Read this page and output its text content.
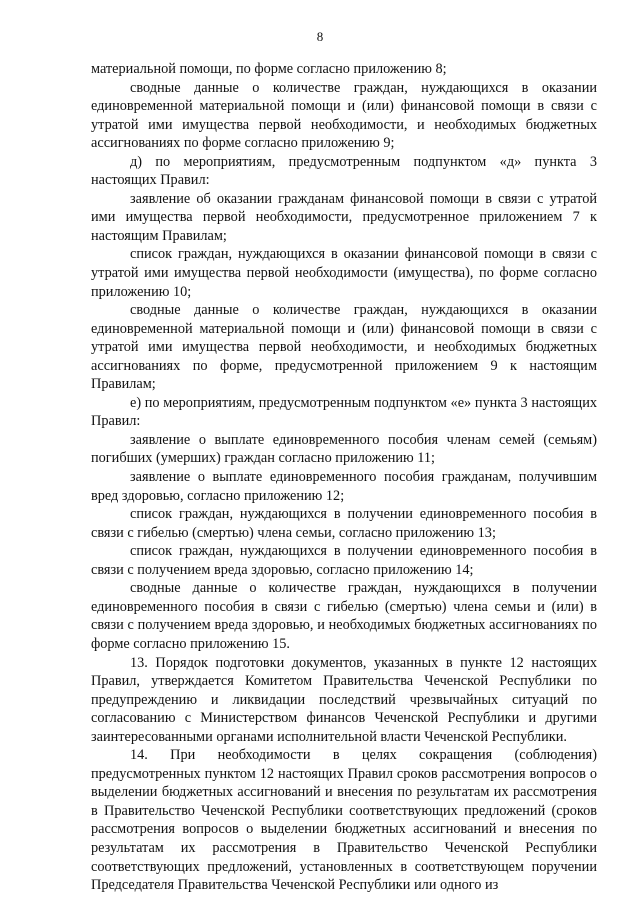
8

материальной помощи, по форме согласно приложению 8;

сводные данные о количестве граждан, нуждающихся в оказании единовременной материальной помощи и (или) финансовой помощи в связи с утратой ими имущества первой необходимости, и необходимых бюджетных ассигнованиях по форме согласно приложению 9;

д) по мероприятиям, предусмотренным подпунктом «д» пункта 3 настоящих Правил:

заявление об оказании гражданам финансовой помощи в связи с утратой ими имущества первой необходимости, предусмотренное приложением 7 к настоящим Правилам;

список граждан, нуждающихся в оказании финансовой помощи в связи с утратой ими имущества первой необходимости (имущества), по форме согласно приложению 10;

сводные данные о количестве граждан, нуждающихся в оказании единовременной материальной помощи и (или) финансовой помощи в связи с утратой ими имущества первой необходимости, и необходимых бюджетных ассигнованиях по форме, предусмотренной приложением 9 к настоящим Правилам;

е) по мероприятиям, предусмотренным подпунктом «е» пункта 3 настоящих Правил:

заявление о выплате единовременного пособия членам семей (семьям) погибших (умерших) граждан согласно приложению 11;

заявление о выплате единовременного пособия гражданам, получившим вред здоровью, согласно приложению 12;

список граждан, нуждающихся в получении единовременного пособия в связи с гибелью (смертью) члена семьи, согласно приложению 13;

список граждан, нуждающихся в получении единовременного пособия в связи с получением вреда здоровью, согласно приложению 14;

сводные данные о количестве граждан, нуждающихся в получении единовременного пособия в связи с гибелью (смертью) члена семьи и (или) в связи с получением вреда здоровью, и необходимых бюджетных ассигнованиях по форме согласно приложению 15.

13. Порядок подготовки документов, указанных в пункте 12 настоящих Правил, утверждается Комитетом Правительства Чеченской Республики по предупреждению и ликвидации последствий чрезвычайных ситуаций по согласованию с Министерством финансов Чеченской Республики и другими заинтересованными органами исполнительной власти Чеченской Республики.

14. При необходимости в целях сокращения (соблюдения) предусмотренных пунктом 12 настоящих Правил сроков рассмотрения вопросов о выделении бюджетных ассигнований и внесения по результатам их рассмотрения в Правительство Чеченской Республики соответствующих предложений (сроков рассмотрения вопросов о выделении бюджетных ассигнований и внесения по результатам их рассмотрения в Правительство Чеченской Республики соответствующих предложений, установленных в соответствующем поручении Председателя Правительства Чеченской Республики или одного из
